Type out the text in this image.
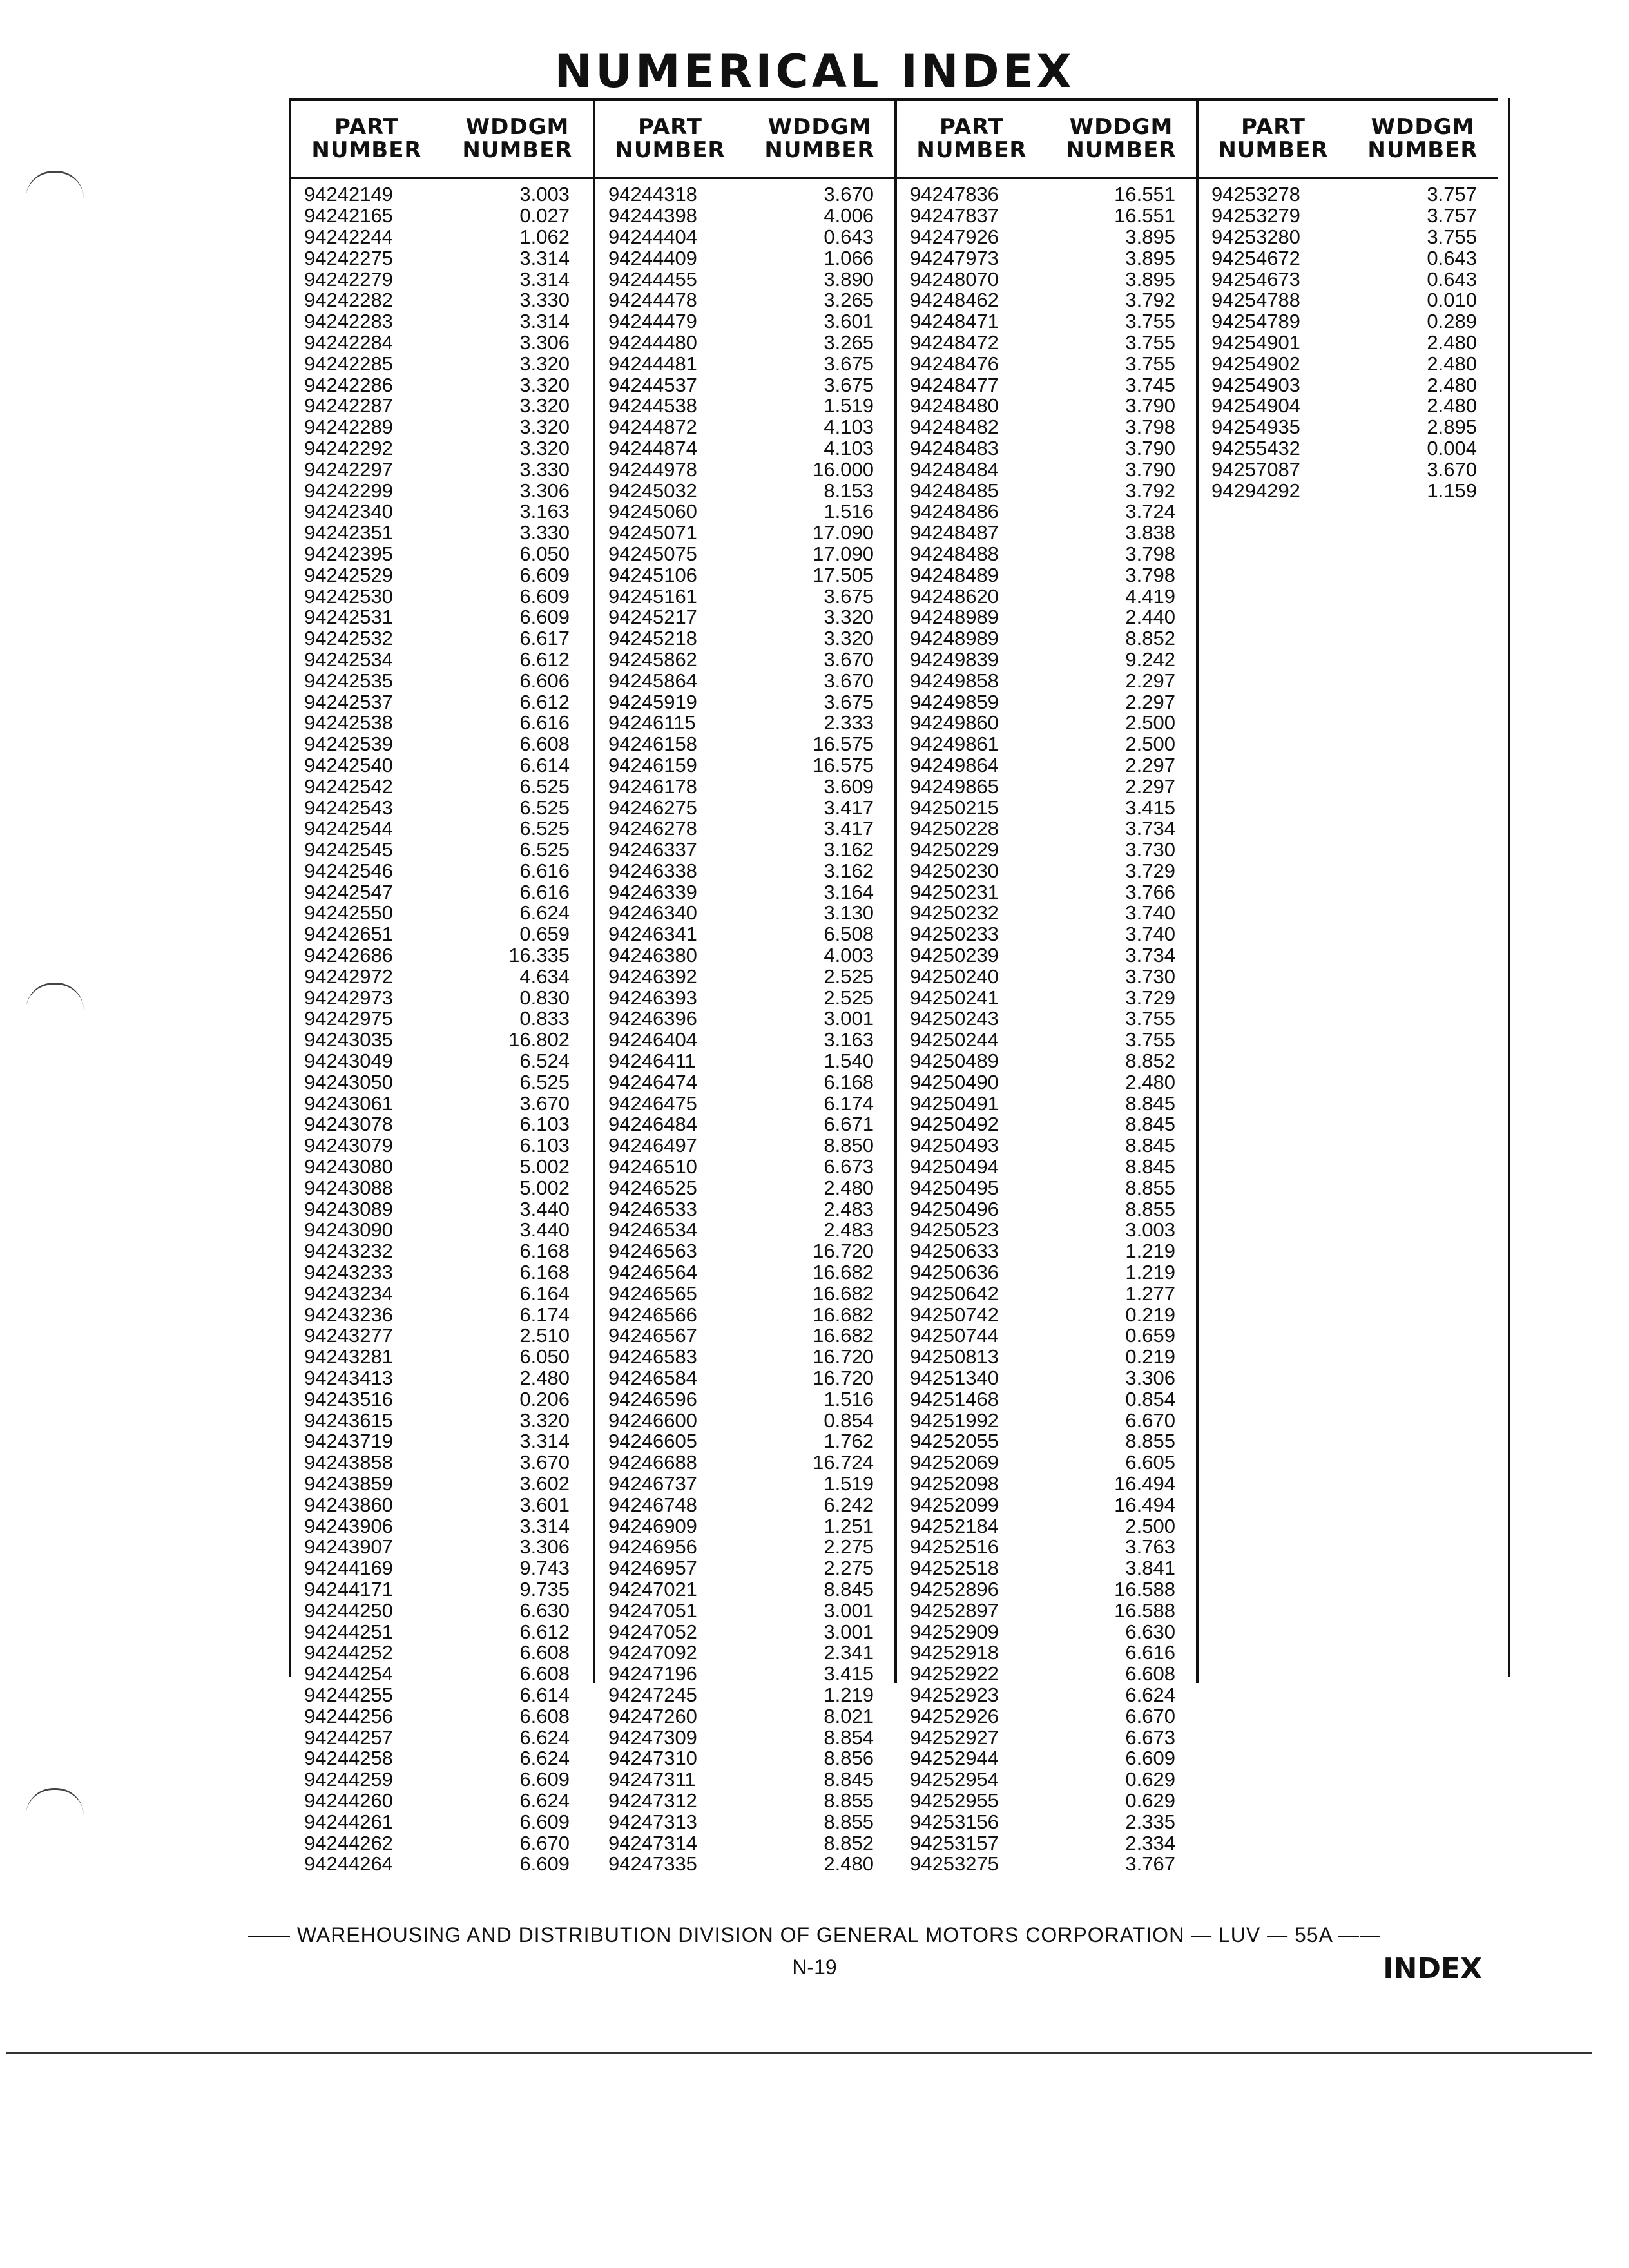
NUMERICAL INDEX
PART NUMBER
WDDGM NUMBER
94242149	3.003
94242165	0.027
94242244	1.062
94242275	3.314
94242279	3.314
94242282	3.330
94242283	3.314
94242284	3.306
94242285	3.320
94242286	3.320
94242287	3.320
94242289	3.320
94242292	3.320
94242297	3.330
94242299	3.306
94242340	3.163
94242351	3.330
94242395	6.050
94242529	6.609
94242530	6.609
94242531	6.609
94242532	6.617
94242534	6.612
94242535	6.606
94242537	6.612
94242538	6.616
94242539	6.608
94242540	6.614
94242542	6.525
94242543	6.525
94242544	6.525
94242545	6.525
94242546	6.616
94242547	6.616
94242550	6.624
94242651	0.659
94242686	16.335
94242972	4.634
94242973	0.830
94242975	0.833
94243035	16.802
94243049	6.524
94243050	6.525
94243061	3.670
94243078	6.103
94243079	6.103
94243080	5.002
94243088	5.002
94243089	3.440
94243090	3.440
94243232	6.168
94243233	6.168
94243234	6.164
94243236	6.174
94243277	2.510
94243281	6.050
94243413	2.480
94243516	0.206
94243615	3.320
94243719	3.314
94243858	3.670
94243859	3.602
94243860	3.601
94243906	3.314
94243907	3.306
94244169	9.743
94244171	9.735
94244250	6.630
94244251	6.612
94244252	6.608
94244254	6.608
94244255	6.614
94244256	6.608
94244257	6.624
94244258	6.624
94244259	6.609
94244260	6.624
94244261	6.609
94244262	6.670
94244264	6.609
PART NUMBER
WDDGM NUMBER
94244318	3.670
94244398	4.006
94244404	0.643
94244409	1.066
94244455	3.890
94244478	3.265
94244479	3.601
94244480	3.265
94244481	3.675
94244537	3.675
94244538	1.519
94244872	4.103
94244874	4.103
94244978	16.000
94245032	8.153
94245060	1.516
94245071	17.090
94245075	17.090
94245106	17.505
94245161	3.675
94245217	3.320
94245218	3.320
94245862	3.670
94245864	3.670
94245919	3.675
94246115	2.333
94246158	16.575
94246159	16.575
94246178	3.609
94246275	3.417
94246278	3.417
94246337	3.162
94246338	3.162
94246339	3.164
94246340	3.130
94246341	6.508
94246380	4.003
94246392	2.525
94246393	2.525
94246396	3.001
94246404	3.163
94246411	1.540
94246474	6.168
94246475	6.174
94246484	6.671
94246497	8.850
94246510	6.673
94246525	2.480
94246533	2.483
94246534	2.483
94246563	16.720
94246564	16.682
94246565	16.682
94246566	16.682
94246567	16.682
94246583	16.720
94246584	16.720
94246596	1.516
94246600	0.854
94246605	1.762
94246688	16.724
94246737	1.519
94246748	6.242
94246909	1.251
94246956	2.275
94246957	2.275
94247021	8.845
94247051	3.001
94247052	3.001
94247092	2.341
94247196	3.415
94247245	1.219
94247260	8.021
94247309	8.854
94247310	8.856
94247311	8.845
94247312	8.855
94247313	8.855
94247314	8.852
94247335	2.480
PART NUMBER
WDDGM NUMBER
94247836	16.551
94247837	16.551
94247926	3.895
94247973	3.895
94248070	3.895
94248462	3.792
94248471	3.755
94248472	3.755
94248476	3.755
94248477	3.745
94248480	3.790
94248482	3.798
94248483	3.790
94248484	3.790
94248485	3.792
94248486	3.724
94248487	3.838
94248488	3.798
94248489	3.798
94248620	4.419
94248989	2.440
94248989	8.852
94249839	9.242
94249858	2.297
94249859	2.297
94249860	2.500
94249861	2.500
94249864	2.297
94249865	2.297
94250215	3.415
94250228	3.734
94250229	3.730
94250230	3.729
94250231	3.766
94250232	3.740
94250233	3.740
94250239	3.734
94250240	3.730
94250241	3.729
94250243	3.755
94250244	3.755
94250489	8.852
94250490	2.480
94250491	8.845
94250492	8.845
94250493	8.845
94250494	8.845
94250495	8.855
94250496	8.855
94250523	3.003
94250633	1.219
94250636	1.219
94250642	1.277
94250742	0.219
94250744	0.659
94250813	0.219
94251340	3.306
94251468	0.854
94251992	6.670
94252055	8.855
94252069	6.605
94252098	16.494
94252099	16.494
94252184	2.500
94252516	3.763
94252518	3.841
94252896	16.588
94252897	16.588
94252909	6.630
94252918	6.616
94252922	6.608
94252923	6.624
94252926	6.670
94252927	6.673
94252944	6.609
94252954	0.629
94252955	0.629
94253156	2.335
94253157	2.334
94253275	3.767
PART NUMBER
WDDGM NUMBER
94253278	3.757
94253279	3.757
94253280	3.755
94254672	0.643
94254673	0.643
94254788	0.010
94254789	0.289
94254901	2.480
94254902	2.480
94254903	2.480
94254904	2.480
94254935	2.895
94255432	0.004
94257087	3.670
94294292	1.159
—— WAREHOUSING AND DISTRIBUTION DIVISION OF GENERAL MOTORS CORPORATION — LUV — 55A ——
N-19	INDEX
